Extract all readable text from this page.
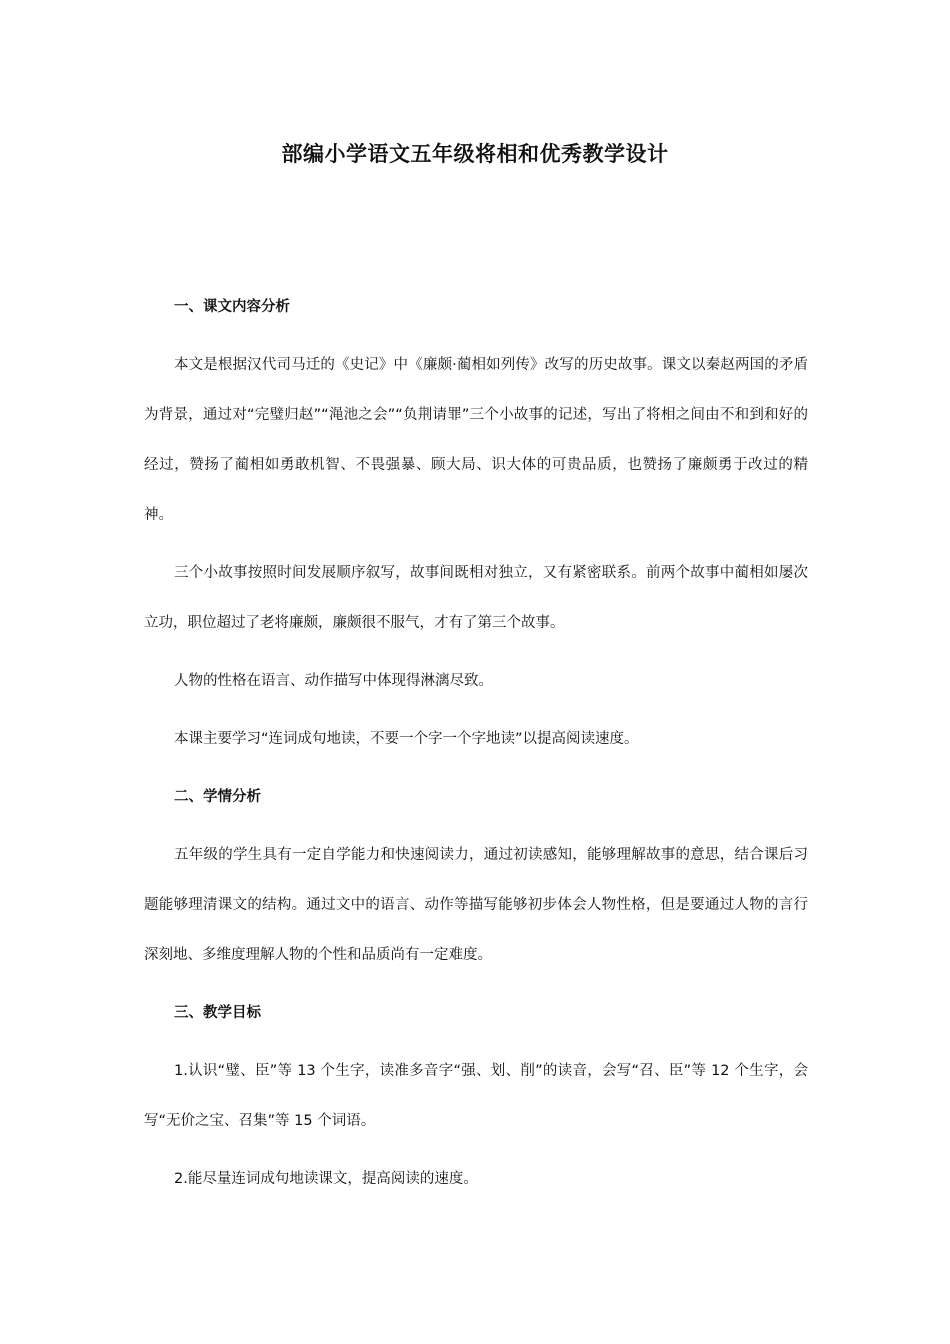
部编小学语文五年级将相和优秀教学设计

一、课文内容分析

本文是根据汉代司马迁的《史记》中《廉颇·蔺相如列传》改写的历史故事。课文以秦赵两国的矛盾为背景，通过对“完璧归赵”“渑池之会”“负荆请罪”三个小故事的记述，写出了将相之间由不和到和好的经过，赞扬了蔺相如勇敢机智、不畏强暴、顾大局、识大体的可贵品质，也赞扬了廉颇勇于改过的精神。

三个小故事按照时间发展顺序叙写，故事间既相对独立，又有紧密联系。前两个故事中蔺相如屡次立功，职位超过了老将廉颇，廉颇很不服气，才有了第三个故事。

人物的性格在语言、动作描写中体现得淋漓尽致。

本课主要学习“连词成句地读，不要一个字一个字地读”以提高阅读速度。

二、学情分析

五年级的学生具有一定自学能力和快速阅读力，通过初读感知，能够理解故事的意思，结合课后习题能够理清课文的结构。通过文中的语言、动作等描写能够初步体会人物性格，但是要通过人物的言行深刻地、多维度理解人物的个性和品质尚有一定难度。

三、教学目标

1.认识“璧、臣”等 13 个生字，读准多音字“强、划、削”的读音，会写“召、臣”等 12 个生字，会写“无价之宝、召集”等 15 个词语。

2.能尽量连词成句地读课文，提高阅读的速度。
